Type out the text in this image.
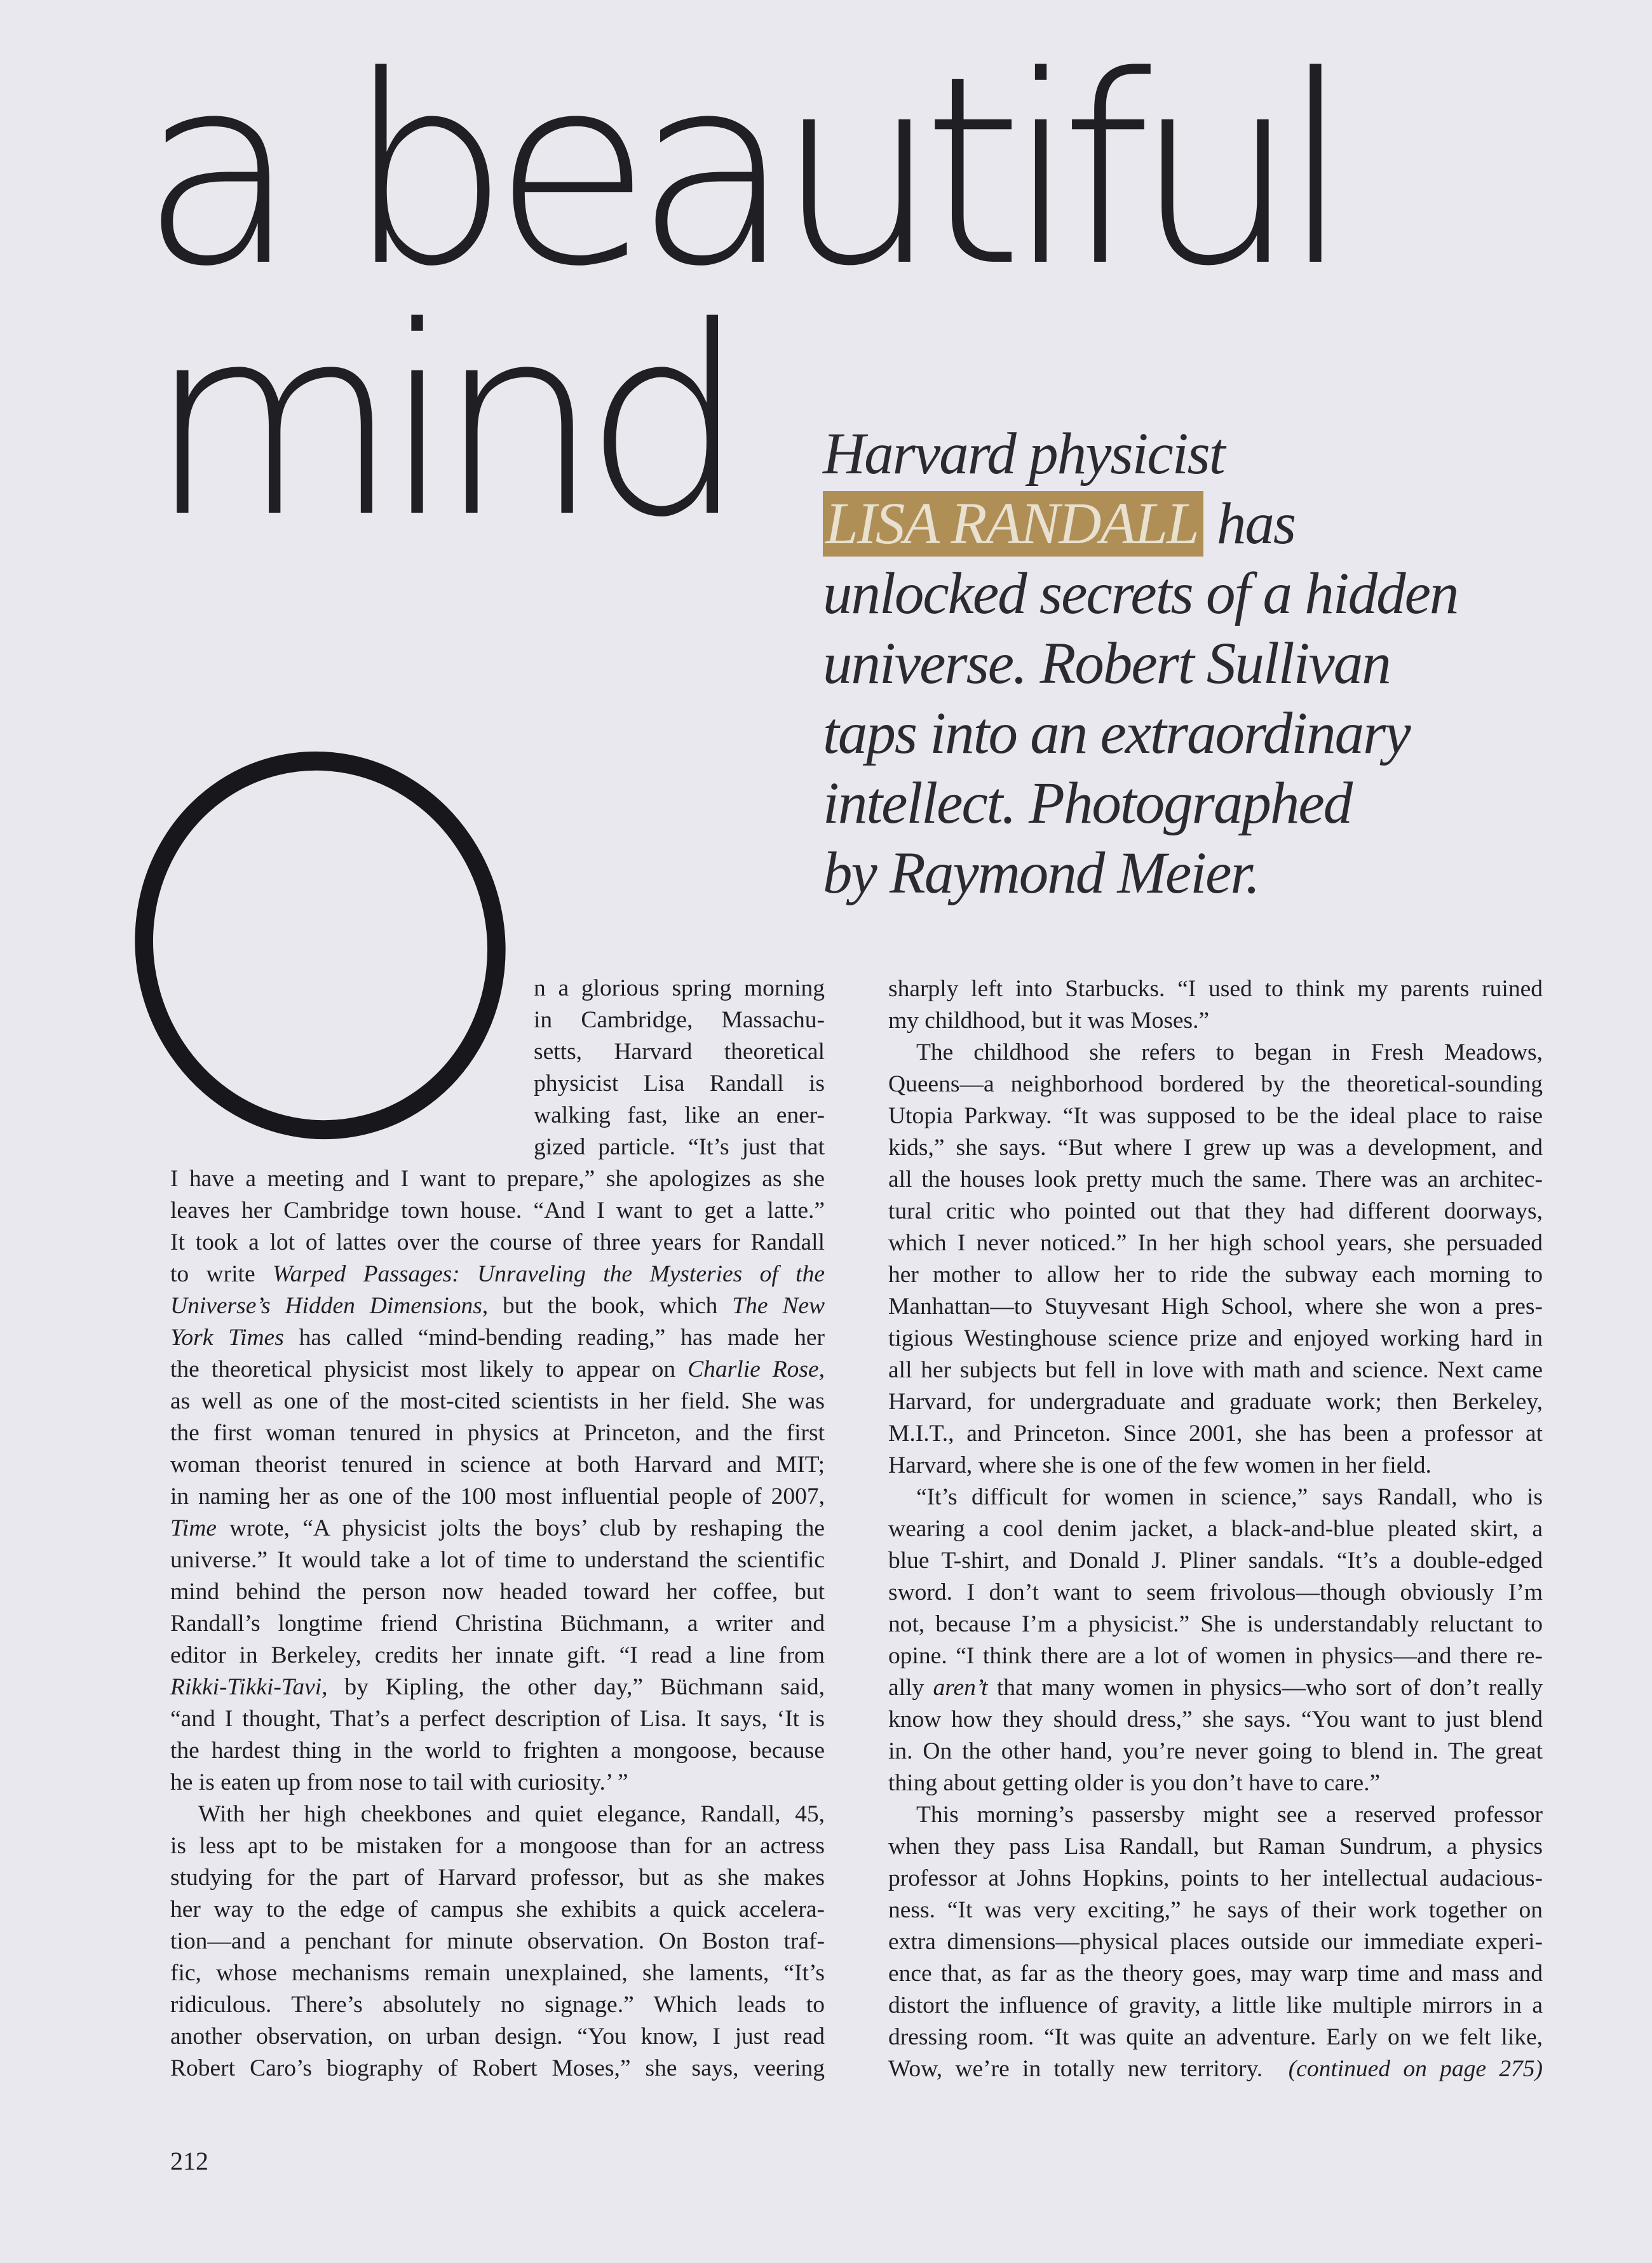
a beautiful
mind Harvard physicist
LISA RANDALL has
unlocked secrets of a hidden
universe. Robert Sullivan
taps into an extraordinary
intellect. Photographed
by Raymond Meier.
n a glorious spring morning
in Cambridge, Massachu-
setts, Harvard theoretical
physicist Lisa Randall is
walking fast, like an ener-
gized particle. “It’s just that
I have a meeting and I want to prepare,” she apologizes as she
leaves her Cambridge town house. “And I want to get a latte.”
It took a lot of lattes over the course of three years for Randall
to write Warped Passages: Unraveling the Mysteries of the
Universe’s Hidden Dimensions, but the book, which The New
York Times has called “mind-bending reading,” has made her
the theoretical physicist most likely to appear on Charlie Rose,
as well as one of the most-cited scientists in her field. She was
the first woman tenured in physics at Princeton, and the first
woman theorist tenured in science at both Harvard and MIT;
in naming her as one of the 100 most influential people of 2007,
Time wrote, “A physicist jolts the boys’ club by reshaping the
universe.” It would take a lot of time to understand the scientific
mind behind the person now headed toward her coffee, but
Randall’s longtime friend Christina Büchmann, a writer and
editor in Berkeley, credits her innate gift. “I read a line from
Rikki-Tikki-Tavi, by Kipling, the other day,” Büchmann said,
“and I thought, That’s a perfect description of Lisa. It says, ‘It is
the hardest thing in the world to frighten a mongoose, because
he is eaten up from nose to tail with curiosity.’ ”
With her high cheekbones and quiet elegance, Randall, 45,
is less apt to be mistaken for a mongoose than for an actress
studying for the part of Harvard professor, but as she makes
her way to the edge of campus she exhibits a quick accelera-
tion—and a penchant for minute observation. On Boston traf-
fic, whose mechanisms remain unexplained, she laments, “It’s
ridiculous. There’s absolutely no signage.” Which leads to
another observation, on urban design. “You know, I just read
Robert Caro’s biography of Robert Moses,” she says, veering
sharply left into Starbucks. “I used to think my parents ruined
my childhood, but it was Moses.”
The childhood she refers to began in Fresh Meadows,
Queens—a neighborhood bordered by the theoretical-sounding
Utopia Parkway. “It was supposed to be the ideal place to raise
kids,” she says. “But where I grew up was a development, and
all the houses look pretty much the same. There was an architec-
tural critic who pointed out that they had different doorways,
which I never noticed.” In her high school years, she persuaded
her mother to allow her to ride the subway each morning to
Manhattan—to Stuyvesant High School, where she won a pres-
tigious Westinghouse science prize and enjoyed working hard in
all her subjects but fell in love with math and science. Next came
Harvard, for undergraduate and graduate work; then Berkeley,
M.I.T., and Princeton. Since 2001, she has been a professor at
Harvard, where she is one of the few women in her field.
“It’s difficult for women in science,” says Randall, who is
wearing a cool denim jacket, a black-and-blue pleated skirt, a
blue T-shirt, and Donald J. Pliner sandals. “It’s a double-edged
sword. I don’t want to seem frivolous—though obviously I’m
not, because I’m a physicist.” She is understandably reluctant to
opine. “I think there are a lot of women in physics—and there re-
ally aren’t that many women in physics—who sort of don’t really
know how they should dress,” she says. “You want to just blend
in. On the other hand, you’re never going to blend in. The great
thing about getting older is you don’t have to care.”
This morning’s passersby might see a reserved professor
when they pass Lisa Randall, but Raman Sundrum, a physics
professor at Johns Hopkins, points to her intellectual audacious-
ness. “It was very exciting,” he says of their work together on
extra dimensions—physical places outside our immediate experi-
ence that, as far as the theory goes, may warp time and mass and
distort the influence of gravity, a little like multiple mirrors in a
dressing room. “It was quite an adventure. Early on we felt like,
Wow, we’re in totally new territory. (continued on page 275)
212
